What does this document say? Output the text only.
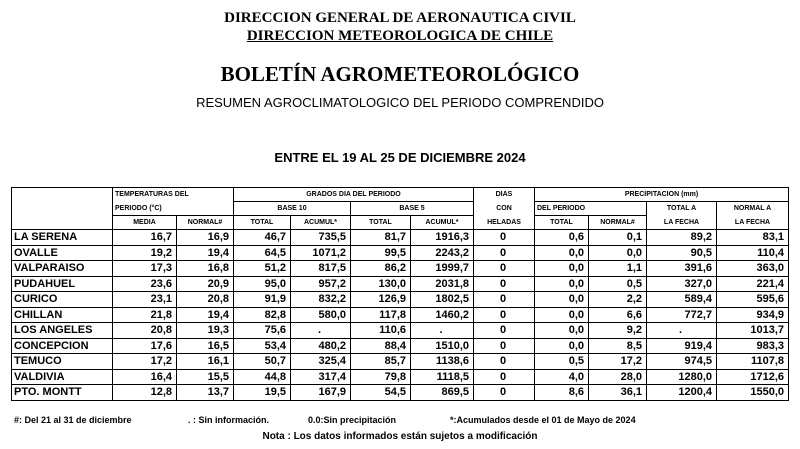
DIRECCION GENERAL DE AERONAUTICA CIVIL
DIRECCION METEOROLOGICA DE CHILE
BOLETÍN AGROMETEOROLÓGICO
RESUMEN AGROCLIMATOLOGICO DEL PERIODO COMPRENDIDO
ENTRE EL 19 AL 25 DE DICIEMBRE 2024
	TEMPERATURAS DEL		GRADOS DIA DEL PERIODO				DIAS	PRECIPITACION (mm)			
	PERIODO (°C)		BASE 10		BASE 5		CON	DEL PERIODO		TOTAL A	NORMAL A
	MEDIA	NORMAL#	TOTAL	ACUMUL*	TOTAL	ACUMUL*	HELADAS	TOTAL	NORMAL#	LA FECHA	LA FECHA
LA SERENA	16,7	16,9	46,7	735,5	81,7	1916,3	0	0,6	0,1	89,2	83,1
OVALLE	19,2	19,4	64,5	1071,2	99,5	2243,2	0	0,0	0,0	90,5	110,4
VALPARAISO	17,3	16,8	51,2	817,5	86,2	1999,7	0	0,0	1,1	391,6	363,0
PUDAHUEL	23,6	20,9	95,0	957,2	130,0	2031,8	0	0,0	0,5	327,0	221,4
CURICO	23,1	20,8	91,9	832,2	126,9	1802,5	0	0,0	2,2	589,4	595,6
CHILLAN	21,8	19,4	82,8	580,0	117,8	1460,2	0	0,0	6,6	772,7	934,9
LOS ANGELES	20,8	19,3	75,6	.	110,6	.	0	0,0	9,2	.	1013,7
CONCEPCION	17,6	16,5	53,4	480,2	88,4	1510,0	0	0,0	8,5	919,4	983,3
TEMUCO	17,2	16,1	50,7	325,4	85,7	1138,6	0	0,5	17,2	974,5	1107,8
VALDIVIA	16,4	15,5	44,8	317,4	79,8	1118,5	0	4,0	28,0	1280,0	1712,6
PTO. MONTT	12,8	13,7	19,5	167,9	54,5	869,5	0	8,6	36,1	1200,4	1550,0
#: Del 21 al 31 de diciembre	. : Sin información.	0.0:Sin precipitación	*:Acumulados desde el 01 de Mayo de 2024
Nota : Los datos informados están sujetos a modificación
